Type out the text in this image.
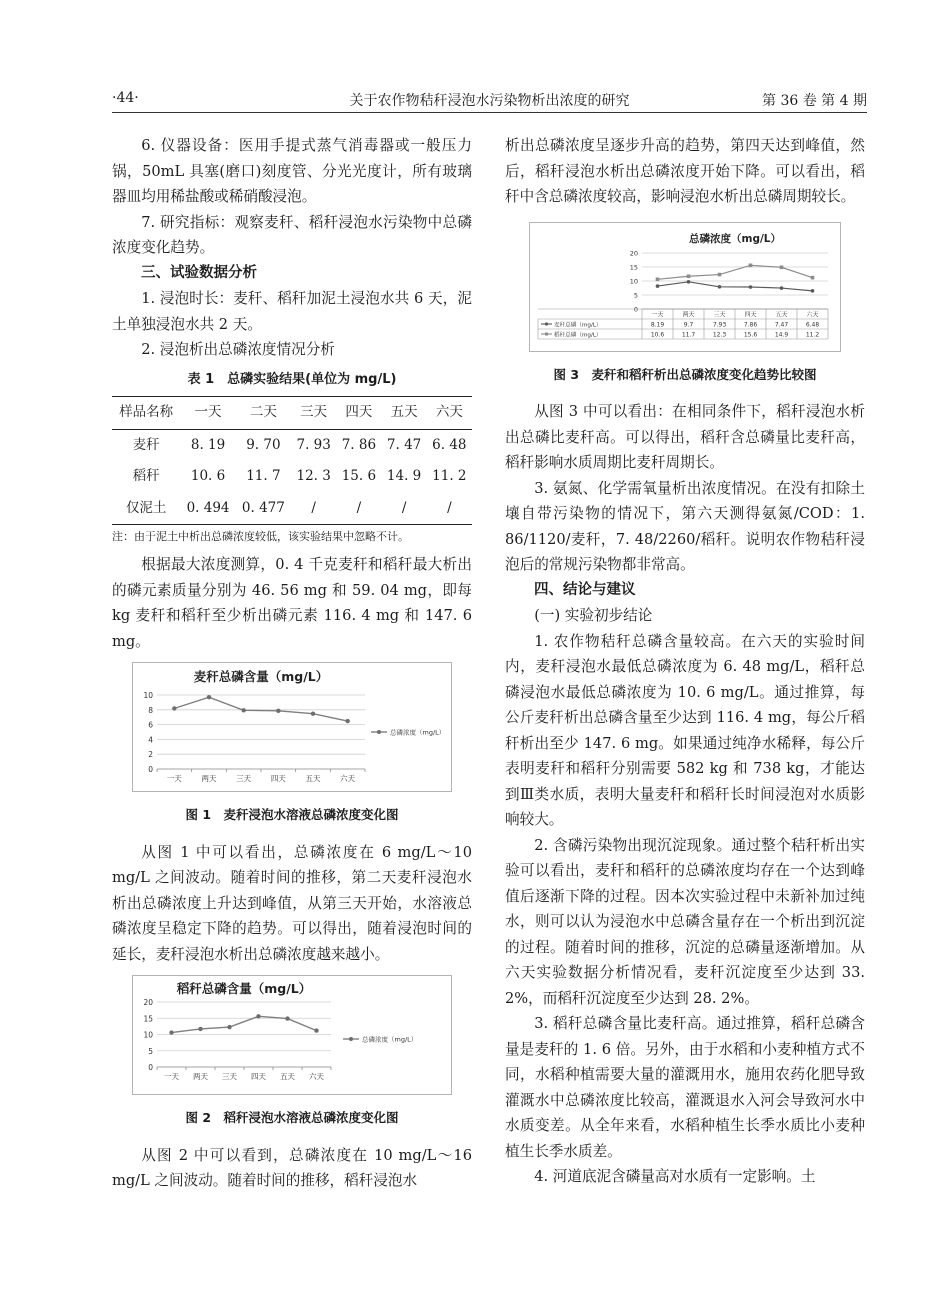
·44·	关于农作物秸秆浸泡水污染物析出浓度的研究	第 36 卷 第 4 期

6. 仪器设备：医用手提式蒸气消毒器或一般压力锅，50mL 具塞(磨口)刻度管、分光光度计，所有玻璃器皿均用稀盐酸或稀硝酸浸泡。

7. 研究指标：观察麦秆、稻秆浸泡水污染物中总磷浓度变化趋势。

三、试验数据分析

1. 浸泡时长：麦秆、稻秆加泥土浸泡水共 6 天，泥土单独浸泡水共 2 天。

2. 浸泡析出总磷浓度情况分析

表 1　总磷实验结果(单位为 mg/L)
样品名称	一天	二天	三天	四天	五天	六天
麦秆	8. 19	9. 70	7. 93	7. 86	7. 47	6. 48
稻秆	10. 6	11. 7	12. 3	15. 6	14. 9	11. 2
仅泥土	0. 494	0. 477	/	/	/	/
注：由于泥土中析出总磷浓度较低，该实验结果中忽略不计。

根据最大浓度测算，0. 4 千克麦秆和稻秆最大析出的磷元素质量分别为 46. 56 mg 和 59. 04 mg，即每 kg 麦秆和稻秆至少析出磷元素 116. 4 mg 和 147. 6 mg。

麦秆总磷含量（mg/L）
0
2
4
6
8
10
一天	两天	三天	四天	五天	六天
总磷浓度（mg/L）
图 1　麦秆浸泡水溶液总磷浓度变化图

从图 1 中可以看出，总磷浓度在 6 mg/L～10 mg/L 之间波动。随着时间的推移，第二天麦秆浸泡水析出总磷浓度上升达到峰值，从第三天开始，水溶液总磷浓度呈稳定下降的趋势。可以得出，随着浸泡时间的延长，麦秆浸泡水析出总磷浓度越来越小。

稻秆总磷含量（mg/L）
0
5
10
15
20
一天 两天 三天 四天 五天 六天
总磷浓度（mg/L）
图 2　稻秆浸泡水溶液总磷浓度变化图

从图 2 中可以看到，总磷浓度在 10 mg/L～16 mg/L 之间波动。随着时间的推移，稻秆浸泡水

析出总磷浓度呈逐步升高的趋势，第四天达到峰值，然后，稻秆浸泡水析出总磷浓度开始下降。可以看出，稻秆中含总磷浓度较高，影响浸泡水析出总磷周期较长。

总磷浓度（mg/L）
0
5
10
15
20
一天	两天	三天	四天	五天	六天
麦秆总磷（mg/L）	8.19	9.7	7.93	7.86	7.47	6.48
稻秆总磷（mg/L）	10.6	11.7	12.3	15.6	14.9	11.2
图 3　麦秆和稻秆析出总磷浓度变化趋势比较图

从图 3 中可以看出：在相同条件下，稻秆浸泡水析出总磷比麦秆高。可以得出，稻秆含总磷量比麦秆高，稻秆影响水质周期比麦秆周期长。

3. 氨氮、化学需氧量析出浓度情况。在没有扣除土壤自带污染物的情况下，第六天测得氨氮/COD：1. 86/1120/麦秆，7. 48/2260/稻秆。说明农作物秸秆浸泡后的常规污染物都非常高。

四、结论与建议

(一) 实验初步结论

1. 农作物秸秆总磷含量较高。在六天的实验时间内，麦秆浸泡水最低总磷浓度为 6. 48 mg/L，稻秆总磷浸泡水最低总磷浓度为 10. 6 mg/L。通过推算，每公斤麦秆析出总磷含量至少达到 116. 4 mg，每公斤稻秆析出至少 147. 6 mg。如果通过纯净水稀释，每公斤表明麦秆和稻秆分别需要 582 kg 和 738 kg，才能达到Ⅲ类水质，表明大量麦秆和稻秆长时间浸泡对水质影响较大。

2. 含磷污染物出现沉淀现象。通过整个秸秆析出实验可以看出，麦秆和稻秆的总磷浓度均存在一个达到峰值后逐渐下降的过程。因本次实验过程中未新补加过纯水，则可以认为浸泡水中总磷含量存在一个析出到沉淀的过程。随着时间的推移，沉淀的总磷量逐渐增加。从六天实验数据分析情况看，麦秆沉淀度至少达到 33. 2%，而稻秆沉淀度至少达到 28. 2%。

3. 稻秆总磷含量比麦秆高。通过推算，稻秆总磷含量是麦秆的 1. 6 倍。另外，由于水稻和小麦种植方式不同，水稻种植需要大量的灌溉用水，施用农药化肥导致灌溉水中总磷浓度比较高，灌溉退水入河会导致河水中水质变差。从全年来看，水稻种植生长季水质比小麦种植生长季水质差。

4. 河道底泥含磷量高对水质有一定影响。土
